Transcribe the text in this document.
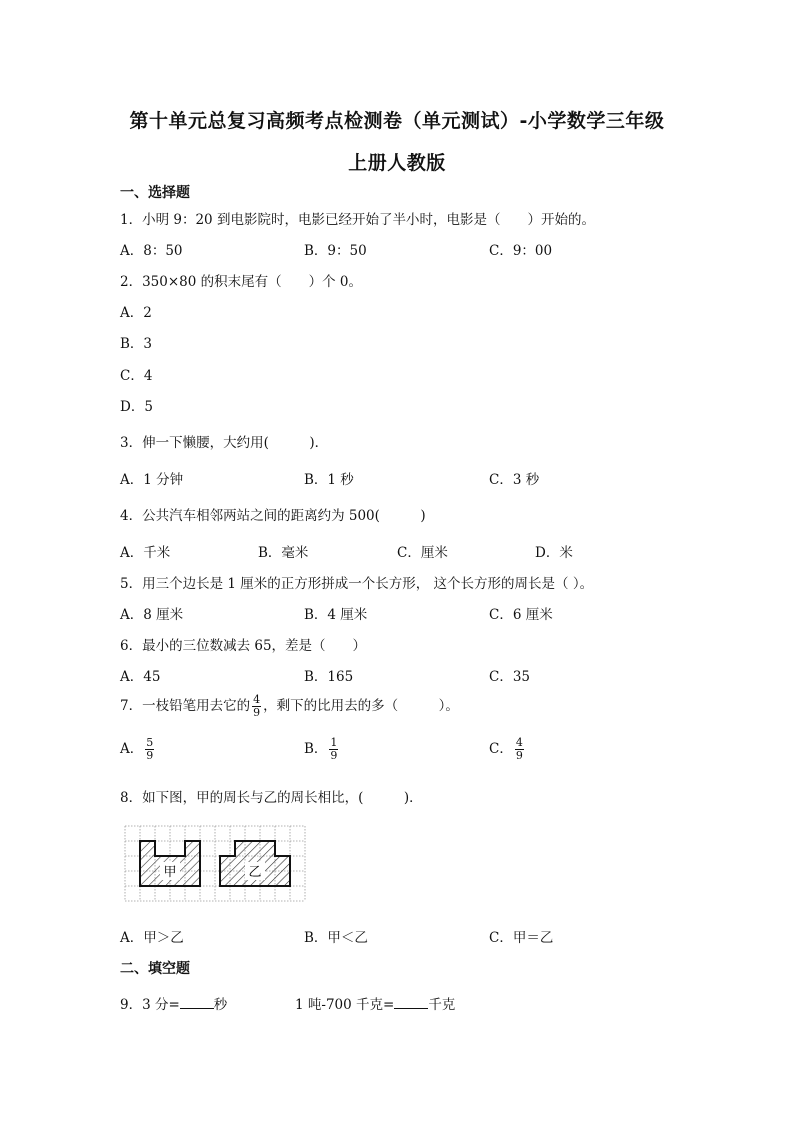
第十单元总复习高频考点检测卷（单元测试）-小学数学三年级
上册人教版
一、选择题
1．小明 9：20 到电影院时，电影已经开始了半小时，电影是（　　）开始的。
A．8：50	B．9：50	C．9：00
2．350×80 的积末尾有（　　）个 0。
A．2
B．3
C．4
D．5
3．伸一下懒腰，大约用(　　　)．
A．1 分钟	B．1 秒	C．3 秒
4．公共汽车相邻两站之间的距离约为 500(　　　)
A．千米	B．毫米	C．厘米	D．米
5．用三个边长是 1 厘米的正方形拼成一个长方形， 这个长方形的周长是（ ）。
A．8 厘米	B．4 厘米	C．6 厘米
6．最小的三位数减去 65，差是（　　）
A．45	B．165	C．35
7．一枝铅笔用去它的 $\frac{4}{9}$ ，剩下的比用去的多（　　　）。
A． $\frac{5}{9}$	B． $\frac{1}{9}$	C． $\frac{4}{9}$
8．如下图，甲的周长与乙的周长相比，(　　　)．
甲	乙
A．甲＞乙	B．甲＜乙	C．甲＝乙
二、填空题
9．3 分=	秒	1 吨-700 千克=	千克
